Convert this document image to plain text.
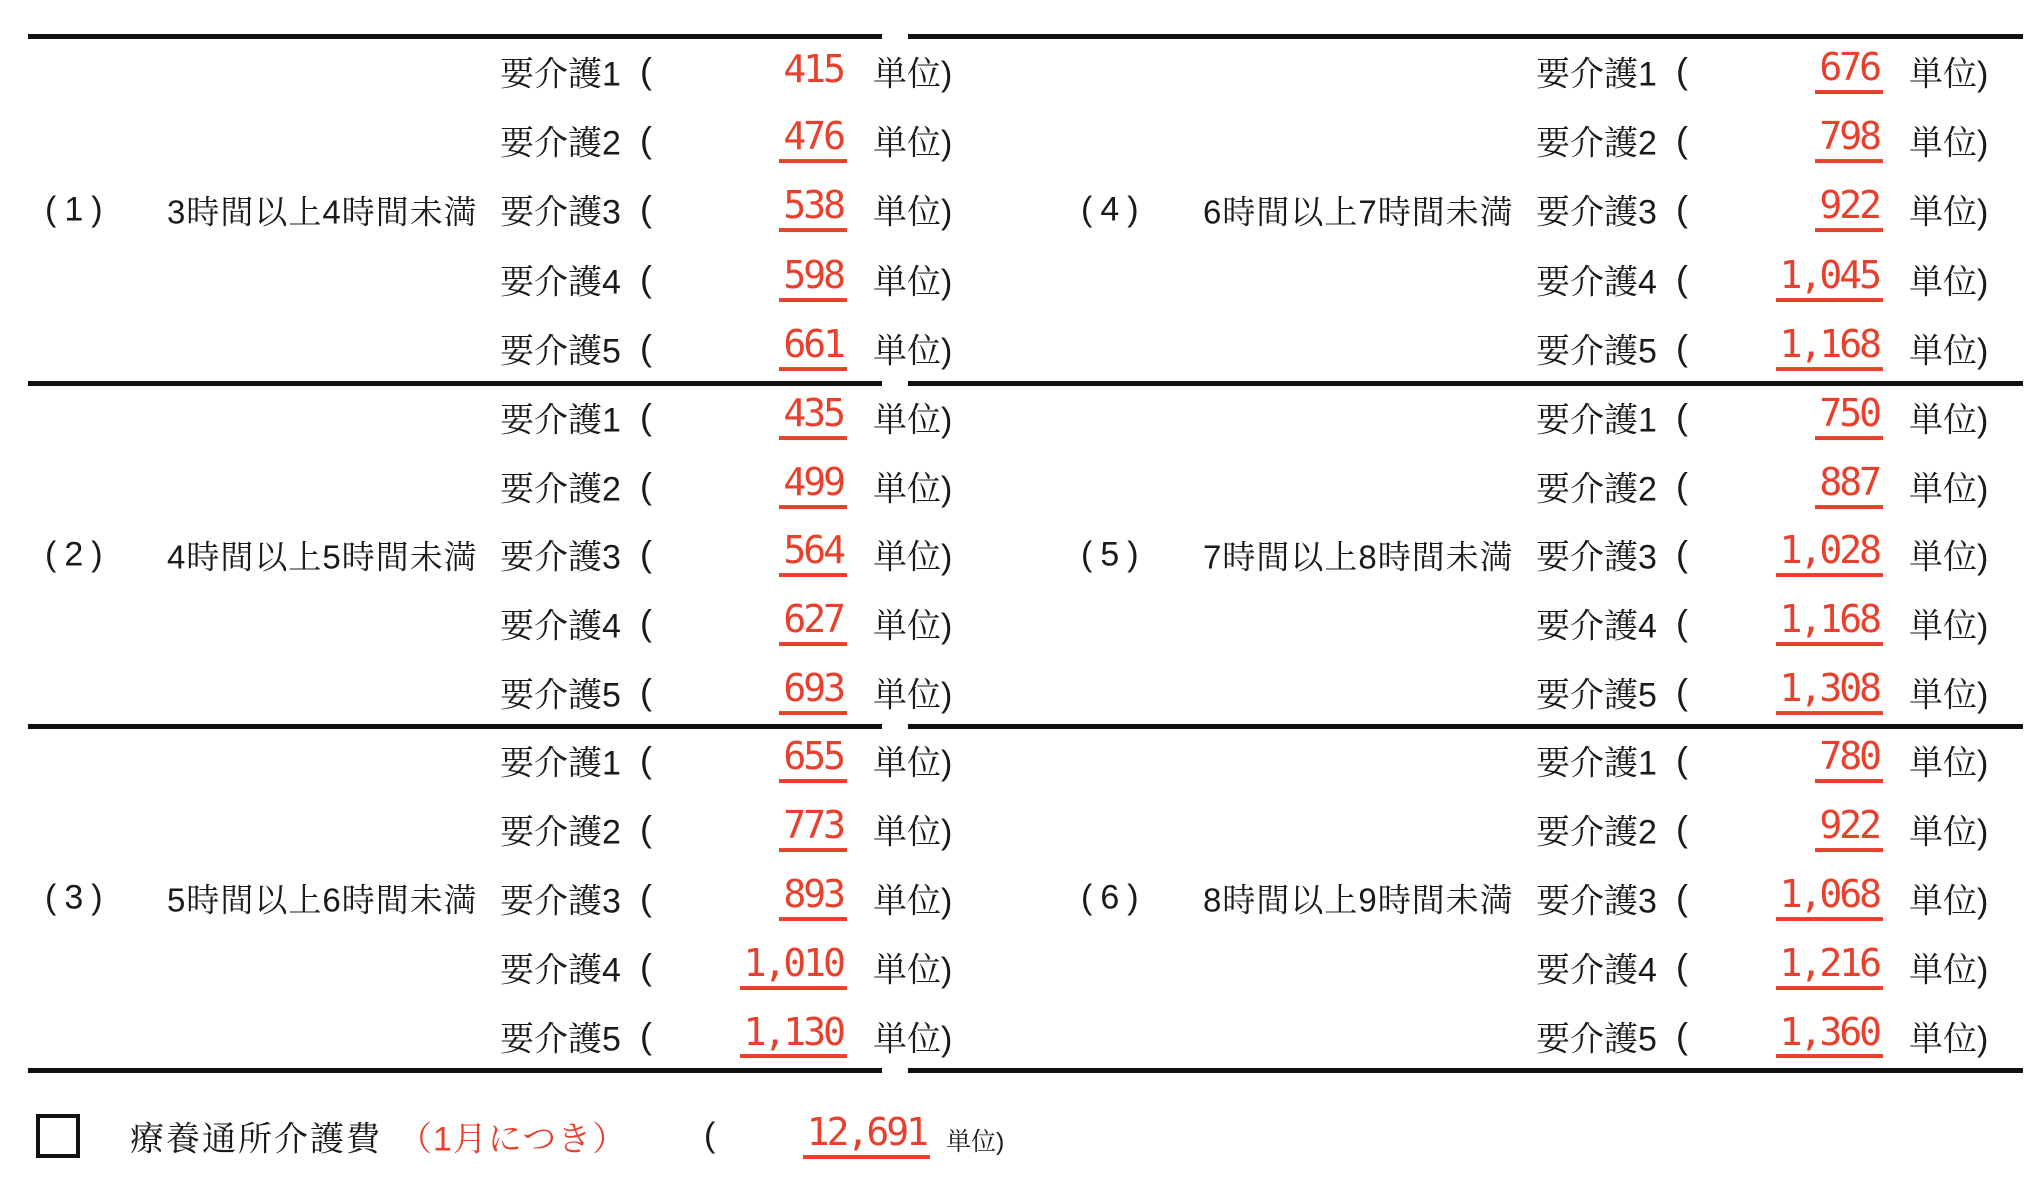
(1) 3時間以上4時間未満
要介護1 (	415 単位)
要介護2 (	476 単位)
要介護3 (	538 単位)
要介護4 (	598 単位)
要介護5 (	661 単位)
(2) 4時間以上5時間未満
要介護1 (	435 単位)
要介護2 (	499 単位)
要介護3 (	564 単位)
要介護4 (	627 単位)
要介護5 (	693 単位)
(3) 5時間以上6時間未満
要介護1 (	655 単位)
要介護2 (	773 単位)
要介護3 (	893 単位)
要介護4 (	1,010 単位)
要介護5 (	1,130 単位)
(4) 6時間以上7時間未満
要介護1 (	676 単位)
要介護2 (	798 単位)
要介護3 (	922 単位)
要介護4 (	1,045 単位)
要介護5 (	1,168 単位)
(5) 7時間以上8時間未満
要介護1 (	750 単位)
要介護2 (	887 単位)
要介護3 (	1,028 単位)
要介護4 (	1,168 単位)
要介護5 (	1,308 単位)
(6) 8時間以上9時間未満
要介護1 (	780 単位)
要介護2 (	922 単位)
要介護3 (	1,068 単位)
要介護4 (	1,216 単位)
要介護5 (	1,360 単位)
療養通所介護費 （1月につき） (	12,691 単位)
